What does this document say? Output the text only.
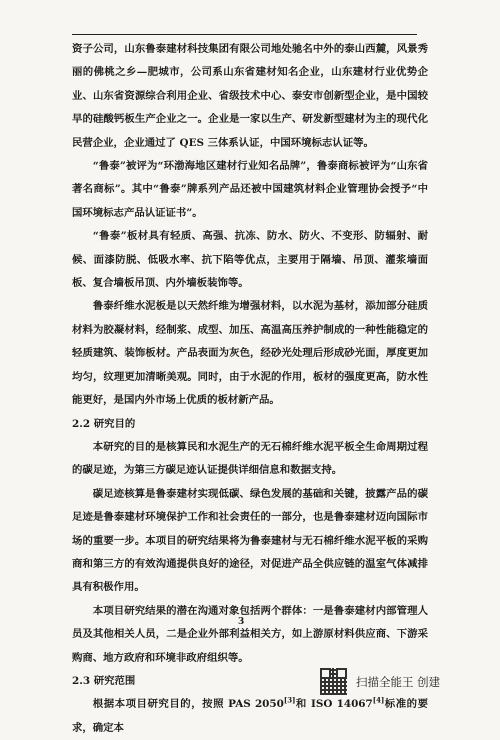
资子公司，山东鲁泰建材科技集团有限公司地处驰名中外的泰山西麓，风景秀丽的佛桃之乡—肥城市，公司系山东省建材知名企业，山东建材行业优势企业、山东省资源综合利用企业、省级技术中心、泰安市创新型企业，是中国较早的硅酸钙板生产企业之一。企业是一家以生产、研发新型建材为主的现代化民营企业，企业通过了 QES 三体系认证，中国环境标志认证等。

“鲁泰”被评为“环渤海地区建材行业知名品牌”，鲁泰商标被评为“山东省著名商标”。其中“鲁泰”牌系列产品还被中国建筑材料企业管理协会授予“中国环境标志产品认证证书”。

“鲁泰”板材具有轻质、高强、抗冻、防水、防火、不变形、防辐射、耐候、面漆防脱、低吸水率、抗下陷等优点，主要用于隔墙、吊顶、灌浆墙面板、复合墙板吊顶、内外墙板装饰等。

鲁泰纤维水泥板是以天然纤维为增强材料，以水泥为基材，添加部分硅质材料为胶凝材料，经制浆、成型、加压、高温高压养护制成的一种性能稳定的轻质建筑、装饰板材。产品表面为灰色，经砂光处理后形成砂光面，厚度更加均匀，纹理更加清晰美观。同时，由于水泥的作用，板材的强度更高，防水性能更好，是国内外市场上优质的板材新产品。

2.2 研究目的

本研究的目的是核算民和水泥生产的无石棉纤维水泥平板全生命周期过程的碳足迹，为第三方碳足迹认证提供详细信息和数据支持。

碳足迹核算是鲁泰建材实现低碳、绿色发展的基础和关键，披露产品的碳足迹是鲁泰建材环境保护工作和社会责任的一部分，也是鲁泰建材迈向国际市场的重要一步。本项目的研究结果将为鲁泰建材与无石棉纤维水泥平板的采购商和第三方的有效沟通提供良好的途径，对促进产品全供应链的温室气体减排具有积极作用。

本项目研究结果的潜在沟通对象包括两个群体：一是鲁泰建材内部管理人员及其他相关人员，二是企业外部利益相关方，如上游原材料供应商、下游采购商、地方政府和环境非政府组织等。

2.3 研究范围

根据本项目研究目的，按照 PAS 2050[3]和 ISO 14067[4]标准的要求，确定本

3
扫描全能王 创建
